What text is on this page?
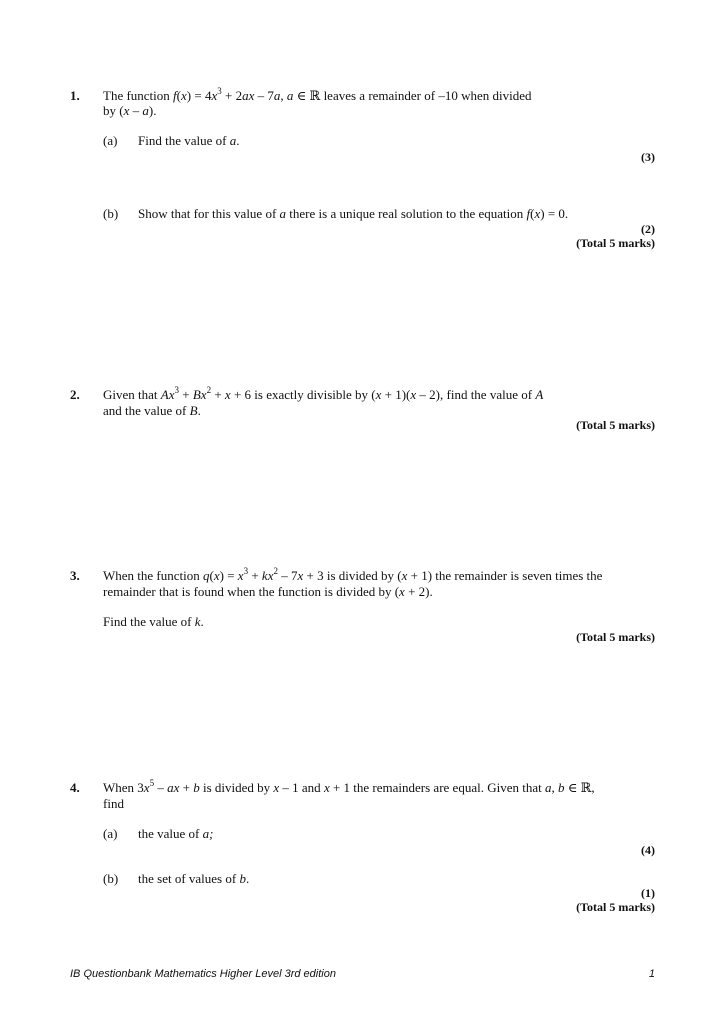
1. The function $f(x) = 4x^3 + 2ax - 7a$, a ∈ ℝ leaves a remainder of –10 when divided
by (x – a).
(a) Find the value of a.
(3)
(b) Show that for this value of a there is a unique real solution to the equation f(x) = 0.
(2)
(Total 5 marks)
2. Given that $Ax^3 + Bx^2 + x + 6$ is exactly divisible by (x + 1)(x – 2), find the value of A
and the value of B.
(Total 5 marks)
3. When the function $q(x) = x^3 + kx^2 - 7x + 3$ is divided by (x + 1) the remainder is seven times the
remainder that is found when the function is divided by (x + 2).
Find the value of k.
(Total 5 marks)
4. When $3x^5$ – ax + b is divided by x – 1 and x + 1 the remainders are equal. Given that a, b ∈ ℝ,
find
(a) the value of a;
(4)
(b) the set of values of b.
(1)
(Total 5 marks)
IB Questionbank Mathematics Higher Level 3rd edition	1
